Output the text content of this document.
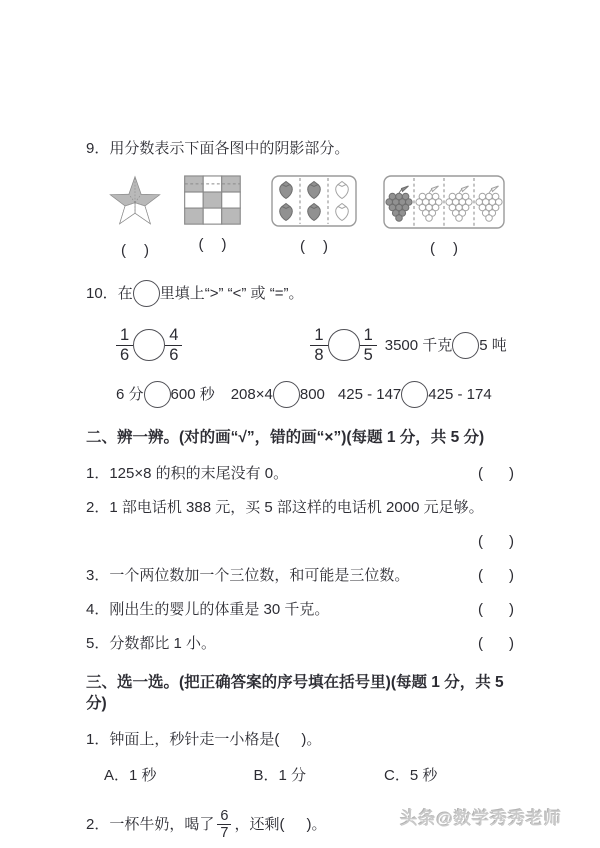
9． 用分数表示下面各图中的阴影部分。
( )	( )	( )	( )
10． 在 里填上“>” “<” 或 “=”。
$\frac{1}{6} \frac{4}{6}$	$\frac{1}{8} \frac{1}{5} 3500$ 千克 5 吨
6 分 600 秒 208×4 800 425 - 147 425 - 174
二、辨一辨。(对的画“√”，错的画“×”)(每题 1 分，共 5 分)
1．125×8 的积的末尾没有 0。	( )
2．1 部电话机 388 元，买 5 部这样的电话机 2000 元足够。
( )
3．一个两位数加一个三位数，和可能是三位数。	( )
4．刚出生的婴儿的体重是 30 千克。	( )
5．分数都比 1 小。	( )
三、选一选。(把正确答案的序号填在括号里)(每题 1 分，共 5 分)
1．钟面上，秒针走一小格是 ( ) 。
A．1 秒	B．1 分	C．5 秒
2． 一杯牛奶，喝了 $\frac{6}{7}$ ，还剩 ( ) 。	头条@数学秀秀老师
